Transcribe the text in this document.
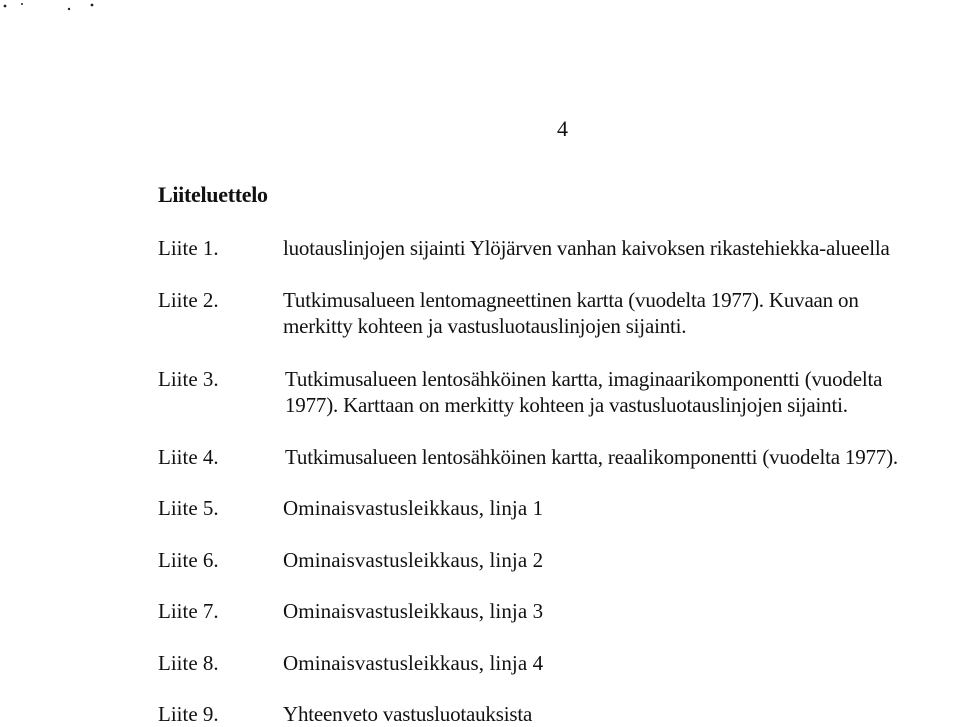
4
Liiteluettelo
Liite 1.	luotauslinjojen sijainti Ylöjärven vanhan kaivoksen rikastehiekka-alueella
Liite 2.	Tutkimusalueen lentomagneettinen kartta (vuodelta 1977). Kuvaan on
merkitty kohteen ja vastusluotauslinjojen sijainti.
Liite 3.	Tutkimusalueen lentosähköinen kartta, imaginaarikomponentti (vuodelta
1977). Karttaan on merkitty kohteen ja vastusluotauslinjojen sijainti.
Liite 4.	Tutkimusalueen lentosähköinen kartta, reaalikomponentti (vuodelta 1977).
Liite 5.	Ominaisvastusleikkaus, linja 1
Liite 6.	Ominaisvastusleikkaus, linja 2
Liite 7.	Ominaisvastusleikkaus, linja 3
Liite 8.	Ominaisvastusleikkaus, linja 4
Liite 9.	Yhteenveto vastusluotauksista
